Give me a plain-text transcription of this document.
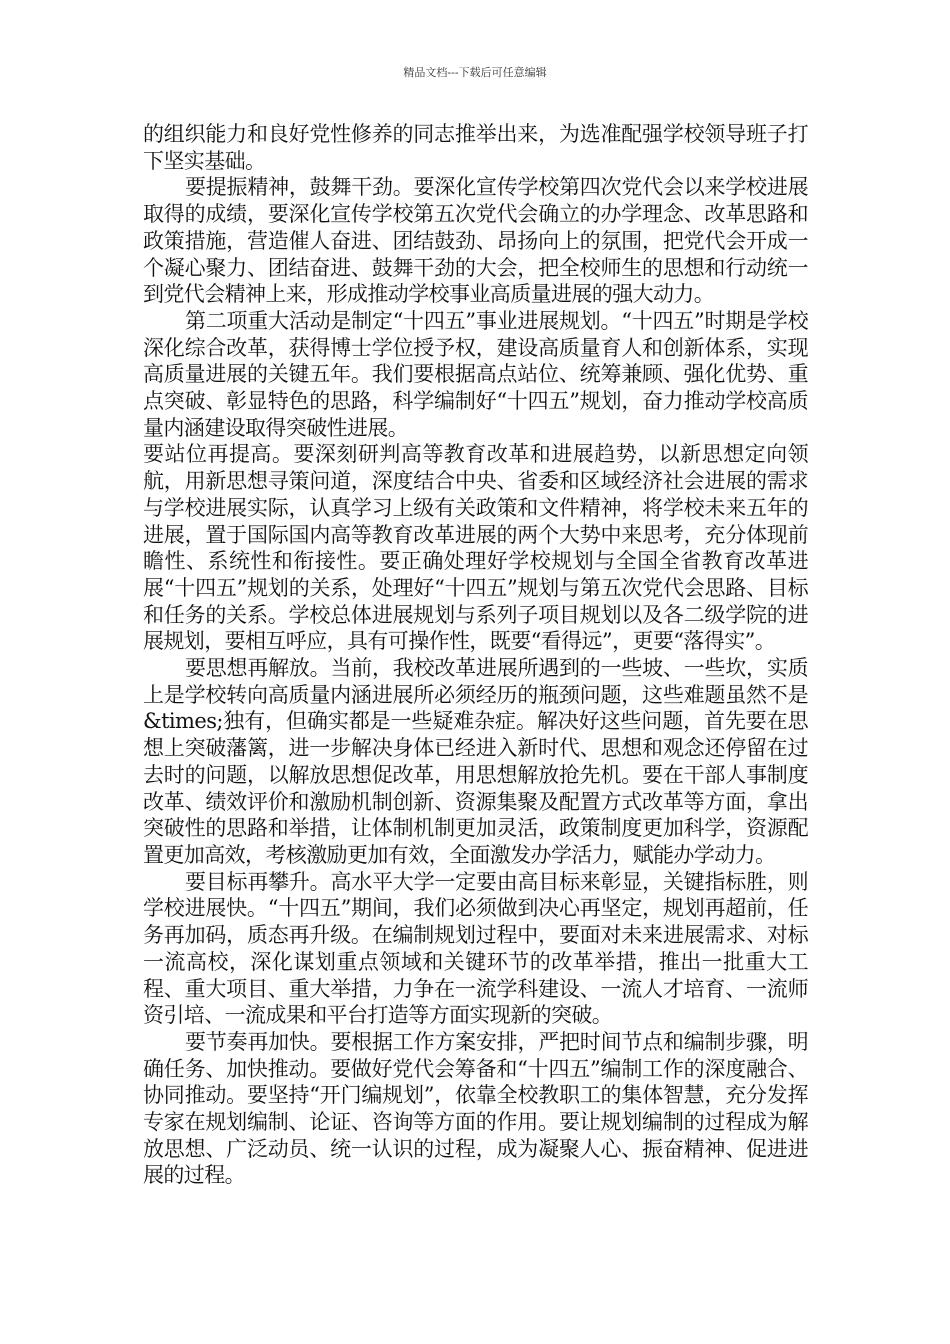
精品文档---下载后可任意编辑

的组织能力和良好党性修养的同志推举出来，为选准配强学校领导班子打下坚实基础。

要提振精神，鼓舞干劲。要深化宣传学校第四次党代会以来学校进展取得的成绩，要深化宣传学校第五次党代会确立的办学理念、改革思路和政策措施，营造催人奋进、团结鼓劲、昂扬向上的氛围，把党代会开成一个凝心聚力、团结奋进、鼓舞干劲的大会，把全校师生的思想和行动统一到党代会精神上来，形成推动学校事业高质量进展的强大动力。

第二项重大活动是制定“十四五”事业进展规划。“十四五”时期是学校深化综合改革，获得博士学位授予权，建设高质量育人和创新体系，实现高质量进展的关键五年。我们要根据高点站位、统筹兼顾、强化优势、重点突破、彰显特色的思路，科学编制好“十四五”规划，奋力推动学校高质量内涵建设取得突破性进展。

要站位再提高。要深刻研判高等教育改革和进展趋势，以新思想定向领航，用新思想寻策问道，深度结合中央、省委和区域经济社会进展的需求与学校进展实际，认真学习上级有关政策和文件精神，将学校未来五年的进展，置于国际国内高等教育改革进展的两个大势中来思考，充分体现前瞻性、系统性和衔接性。要正确处理好学校规划与全国全省教育改革进展“十四五”规划的关系，处理好“十四五”规划与第五次党代会思路、目标和任务的关系。学校总体进展规划与系列子项目规划以及各二级学院的进展规划，要相互呼应，具有可操作性，既要“看得远”，更要“落得实”。

要思想再解放。当前，我校改革进展所遇到的一些坡、一些坎，实质上是学校转向高质量内涵进展所必须经历的瓶颈问题，这些难题虽然不是&times;独有，但确实都是一些疑难杂症。解决好这些问题，首先要在思想上突破藩篱，进一步解决身体已经进入新时代、思想和观念还停留在过去时的问题，以解放思想促改革，用思想解放抢先机。要在干部人事制度改革、绩效评价和激励机制创新、资源集聚及配置方式改革等方面，拿出突破性的思路和举措，让体制机制更加灵活，政策制度更加科学，资源配置更加高效，考核激励更加有效，全面激发办学活力，赋能办学动力。

要目标再攀升。高水平大学一定要由高目标来彰显，关键指标胜，则学校进展快。“十四五”期间，我们必须做到决心再坚定，规划再超前，任务再加码，质态再升级。在编制规划过程中，要面对未来进展需求、对标一流高校，深化谋划重点领域和关键环节的改革举措，推出一批重大工程、重大项目、重大举措，力争在一流学科建设、一流人才培育、一流师资引培、一流成果和平台打造等方面实现新的突破。

要节奏再加快。要根据工作方案安排，严把时间节点和编制步骤，明确任务、加快推动。要做好党代会筹备和“十四五”编制工作的深度融合、协同推动。要坚持“开门编规划”，依靠全校教职工的集体智慧，充分发挥专家在规划编制、论证、咨询等方面的作用。要让规划编制的过程成为解放思想、广泛动员、统一认识的过程，成为凝聚人心、振奋精神、促进进展的过程。
